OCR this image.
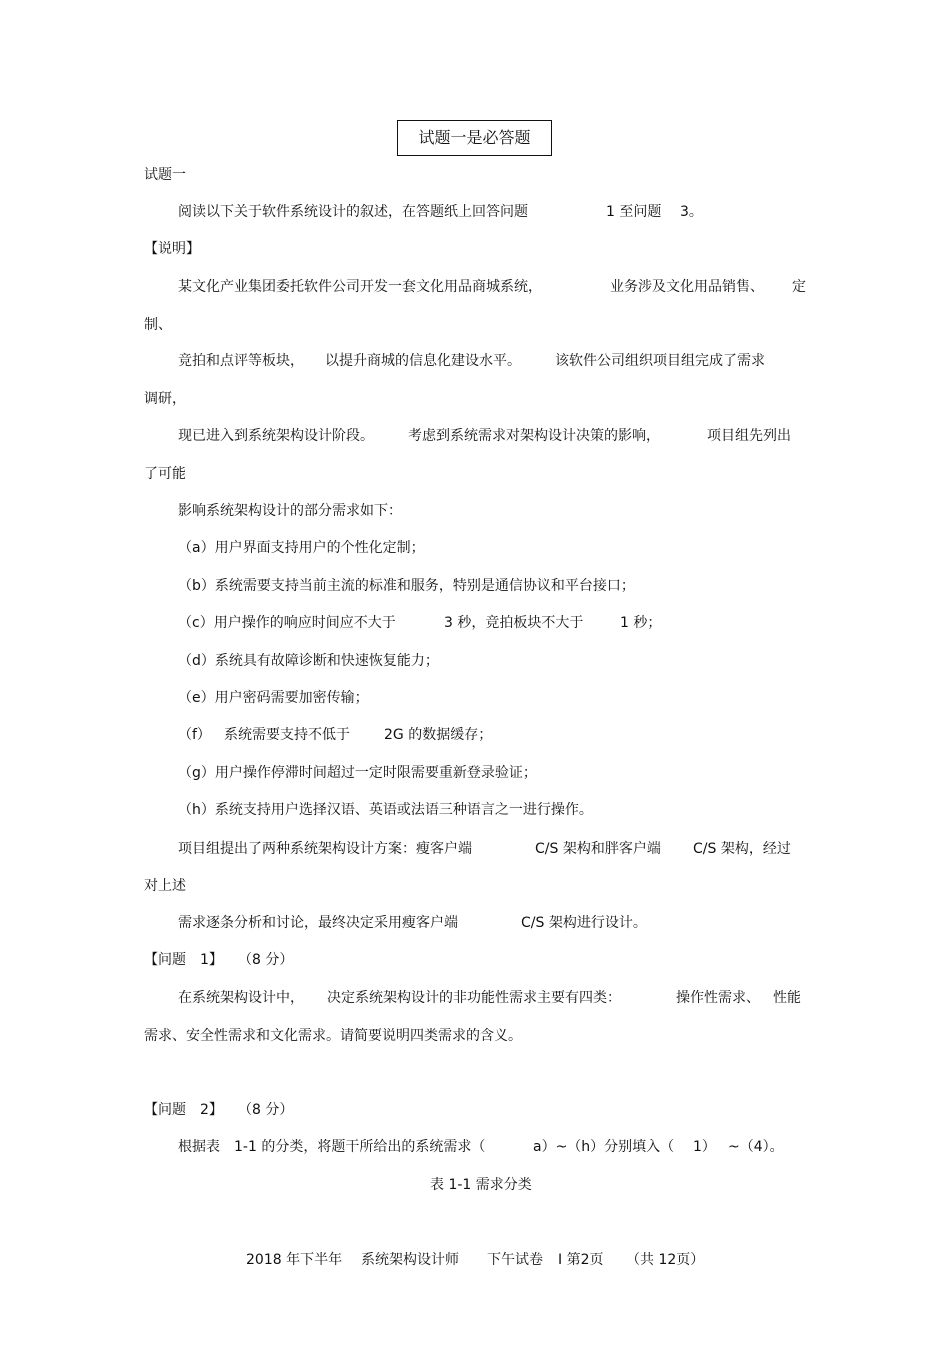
试题一是必答题
试题一
阅读以下关于软件系统设计的叙述，在答题纸上回答问题	1 至问题 3。
【说明】
某文化产业集团委托软件公司开发一套文化用品商城系统，	业务涉及文化用品销售、 定
制、
竞拍和点评等板块， 以提升商城的信息化建设水平。 该软件公司组织项目组完成了需求
调研，
现已进入到系统架构设计阶段。 考虑到系统需求对架构设计决策的影响，	项目组先列出
了可能
影响系统架构设计的部分需求如下：
（a）用户界面支持用户的个性化定制；
（b）系统需要支持当前主流的标准和服务，特别是通信协议和平台接口；
（c）用户操作的响应时间应不大于	3 秒，竞拍板块不大于	1 秒；
（d）系统具有故障诊断和快速恢复能力；
（e）用户密码需要加密传输；
（f） 系统需要支持不低于 2G 的数据缓存；
（g）用户操作停滞时间超过一定时限需要重新登录验证；
（h）系统支持用户选择汉语、英语或法语三种语言之一进行操作。
项目组提出了两种系统架构设计方案：瘦客户端	C/S 架构和胖客户端 C/S 架构，经过
对上述
需求逐条分析和讨论，最终决定采用瘦客户端	C/S 架构进行设计。
【问题　1】 （8 分）
在系统架构设计中， 决定系统架构设计的非功能性需求主要有四类：	操作性需求、 性能
需求、安全性需求和文化需求。请简要说明四类需求的含义。
【问题　2】 （8 分）
根据表　1-1 的分类，将题干所给出的系统需求（	a）~（h）分别填入（ 1） ~（4）。
表 1-1 需求分类
2018 年下半年 系统架构设计师 下午试卷 I 第2页 （共 12页）
